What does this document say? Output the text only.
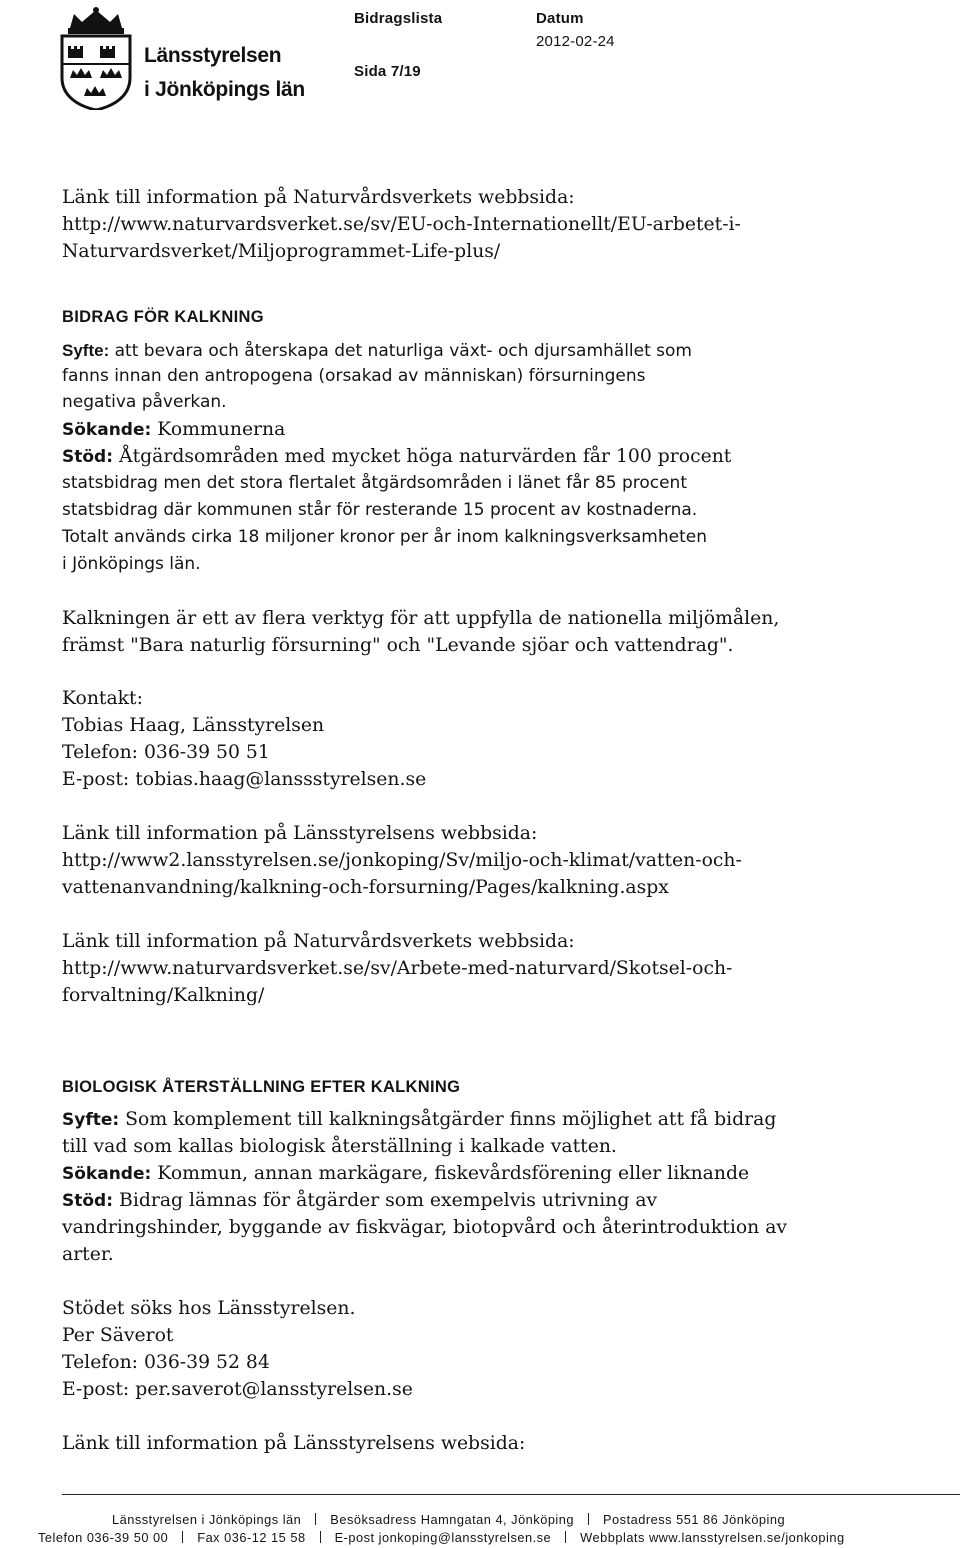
Länsstyrelsen
i Jönköpings län
Bidragslista	Datum
2012-02-24
Sida 7/19
Länk till information på Naturvårdsverkets webbsida:
http://www.naturvardsverket.se/sv/EU-och-Internationellt/EU-arbetet-i-
Naturvardsverket/Miljoprogrammet-Life-plus/
BIDRAG FÖR KALKNING
Syfte: att bevara och återskapa det naturliga växt- och djursamhället som
fanns innan den antropogena (orsakad av människan) försurningens
negativa påverkan.
Sökande: Kommunerna
Stöd: Åtgärdsområden med mycket höga naturvärden får 100 procent
statsbidrag men det stora flertalet åtgärdsområden i länet får 85 procent
statsbidrag där kommunen står för resterande 15 procent av kostnaderna.
Totalt används cirka 18 miljoner kronor per år inom kalkningsverksamheten
i Jönköpings län.
Kalkningen är ett av flera verktyg för att uppfylla de nationella miljömålen,
främst "Bara naturlig försurning" och "Levande sjöar och vattendrag".
Kontakt:
Tobias Haag, Länsstyrelsen
Telefon: 036-39 50 51
E-post: tobias.haag@lanssstyrelsen.se
Länk till information på Länsstyrelsens webbsida:
http://www2.lansstyrelsen.se/jonkoping/Sv/miljo-och-klimat/vatten-och-
vattenanvandning/kalkning-och-forsurning/Pages/kalkning.aspx
Länk till information på Naturvårdsverkets webbsida:
http://www.naturvardsverket.se/sv/Arbete-med-naturvard/Skotsel-och-
forvaltning/Kalkning/
BIOLOGISK ÅTERSTÄLLNING EFTER KALKNING
Syfte: Som komplement till kalkningsåtgärder finns möjlighet att få bidrag
till vad som kallas biologisk återställning i kalkade vatten.
Sökande: Kommun, annan markägare, fiskevårdsförening eller liknande
Stöd: Bidrag lämnas för åtgärder som exempelvis utrivning av
vandringshinder, byggande av fiskvägar, biotopvård och återintroduktion av
arter.
Stödet söks hos Länsstyrelsen.
Per Säverot
Telefon: 036-39 52 84
E-post: per.saverot@lansstyrelsen.se
Länk till information på Länsstyrelsens websida:
Länsstyrelsen i Jönköpings län Besöksadress Hamngatan 4, Jönköping Postadress 551 86 Jönköping
Telefon 036-39 50 00 Fax 036-12 15 58 E-post jonkoping@lansstyrelsen.se Webbplats www.lansstyrelsen.se/jonkoping
